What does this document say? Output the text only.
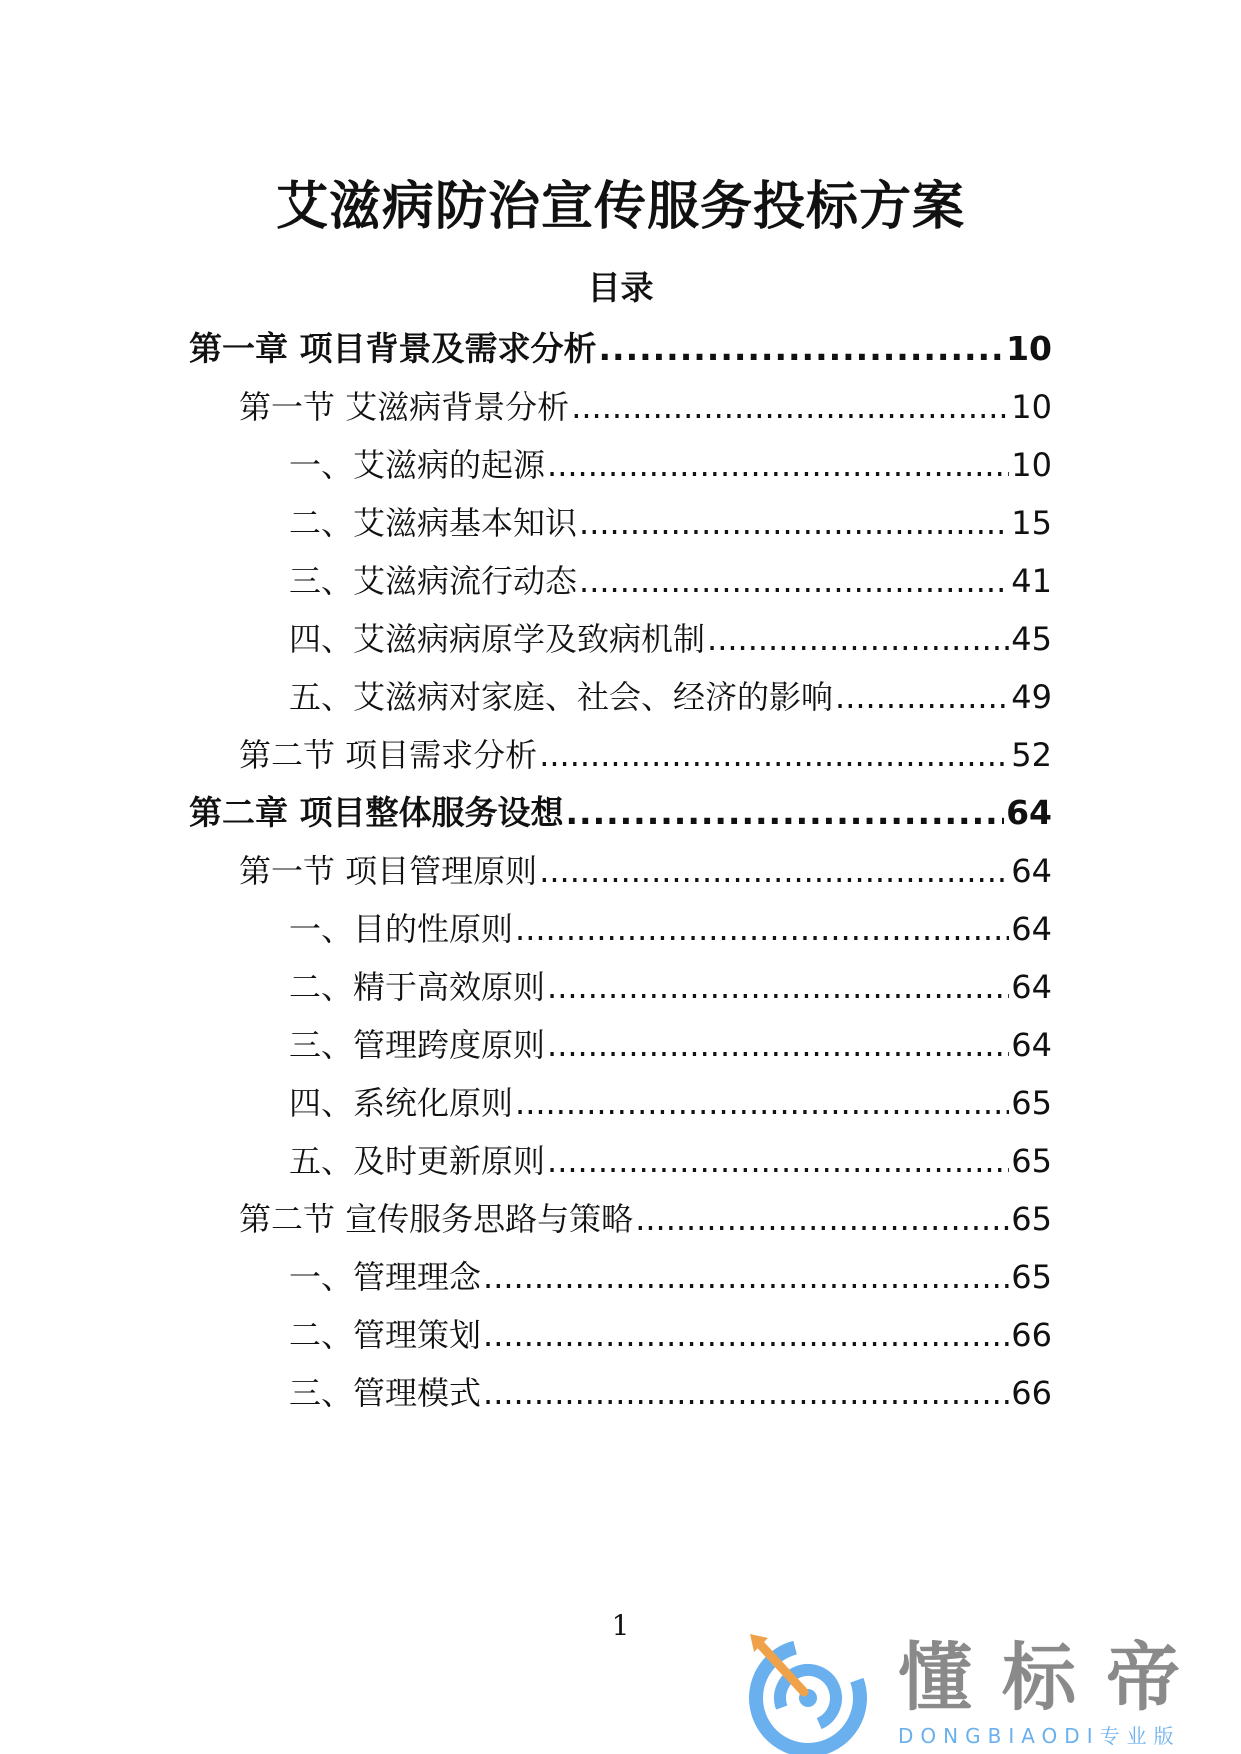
艾滋病防治宣传服务投标方案
目录
第一章 项目背景及需求分析 .....	10
第一节 艾滋病背景分析 .....	10
一、艾滋病的起源 .....	10
二、艾滋病基本知识 .....	15
三、艾滋病流行动态 .....	41
四、艾滋病病原学及致病机制 .....	45
五、艾滋病对家庭、社会、经济的影响 .....	49
第二节 项目需求分析 .....	52
第二章 项目整体服务设想 .....	64
第一节 项目管理原则 .....	64
一、目的性原则 .....	64
二、精于高效原则 .....	64
三、管理跨度原则 .....	64
四、系统化原则 .....	65
五、及时更新原则 .....	65
第二节 宣传服务思路与策略 .....	65
一、管理理念 .....	65
二、管理策划 .....	66
三、管理模式 .....	66
1
懂标帝
DONGBIAODI专业版
